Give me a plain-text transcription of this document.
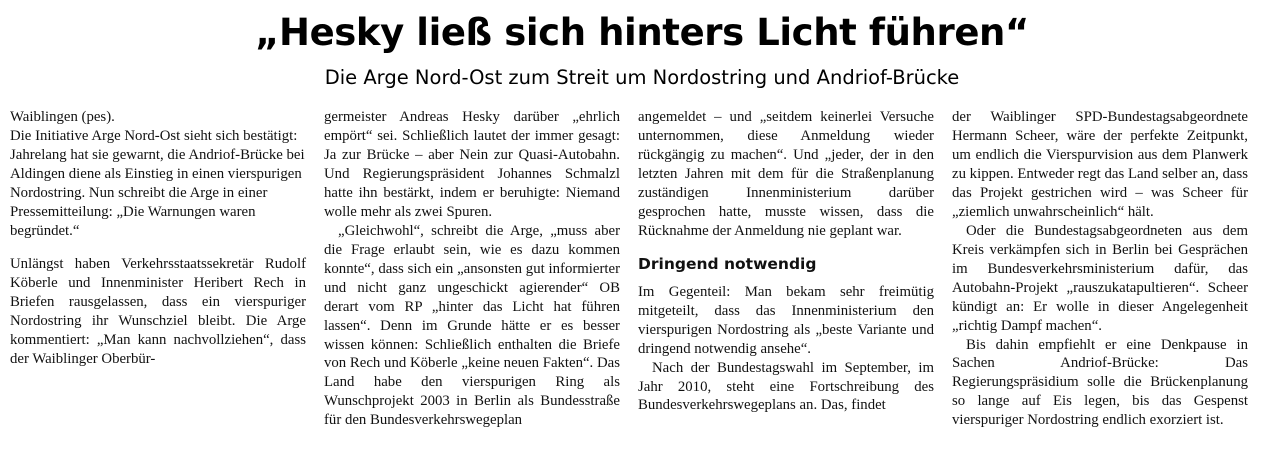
„Hesky ließ sich hinters Licht führen“
Die Arge Nord-Ost zum Streit um Nordostring und Andriof-Brücke

Waiblingen (pes).

Die Initiative Arge Nord-Ost sieht sich bestätigt: Jahrelang hat sie gewarnt, die Andriof-Brücke bei Aldingen diene als Einstieg in einen vierspurigen Nordostring. Nun schreibt die Arge in einer Pressemitteilung: „Die Warnungen waren begründet.“

Unlängst haben Verkehrsstaatssekretär Rudolf Köberle und Innenminister Heribert Rech in Briefen rausgelassen, dass ein vierspuriger Nordostring ihr Wunschziel bleibt. Die Arge kommentiert: „Man kann nachvollziehen“, dass der Waiblinger Oberbür-

germeister Andreas Hesky darüber „ehrlich empört“ sei. Schließlich lautet der immer gesagt: Ja zur Brücke – aber Nein zur Quasi-Autobahn. Und Regierungspräsident Johannes Schmalzl hatte ihn bestärkt, indem er beruhigte: Niemand wolle mehr als zwei Spuren.

„Gleichwohl“, schreibt die Arge, „muss aber die Frage erlaubt sein, wie es dazu kommen konnte“, dass sich ein „ansonsten gut informierter und nicht ganz ungeschickt agierender“ OB derart vom RP „hinter das Licht hat führen lassen“. Denn im Grunde hätte er es besser wissen können: Schließlich enthalten die Briefe von Rech und Köberle „keine neuen Fakten“. Das Land habe den vierspurigen Ring als Wunschprojekt 2003 in Berlin als Bundesstraße für den Bundesverkehrswegeplan

angemeldet – und „seitdem keinerlei Versuche unternommen, diese Anmeldung wieder rückgängig zu machen“. Und „jeder, der in den letzten Jahren mit dem für die Straßenplanung zuständigen Innenministerium darüber gesprochen hatte, musste wissen, dass die Rücknahme der Anmeldung nie geplant war.

Dringend notwendig

Im Gegenteil: Man bekam sehr freimütig mitgeteilt, dass das Innenministerium den vierspurigen Nordostring als „beste Variante und dringend notwendig ansehe“.

Nach der Bundestagswahl im September, im Jahr 2010, steht eine Fortschreibung des Bundesverkehrswegeplans an. Das, findet

der Waiblinger SPD-Bundestagsabgeordnete Hermann Scheer, wäre der perfekte Zeitpunkt, um endlich die Vierspurvision aus dem Planwerk zu kippen. Entweder regt das Land selber an, dass das Projekt gestrichen wird – was Scheer für „ziemlich unwahrscheinlich“ hält.

Oder die Bundestagsabgeordneten aus dem Kreis verkämpfen sich in Berlin bei Gesprächen im Bundesverkehrsministerium dafür, das Autobahn-Projekt „rauszukatapultieren“. Scheer kündigt an: Er wolle in dieser Angelegenheit „richtig Dampf machen“.

Bis dahin empfiehlt er eine Denkpause in Sachen Andriof-Brücke: Das Regierungspräsidium solle die Brückenplanung so lange auf Eis legen, bis das Gespenst vierspuriger Nordostring endlich exorziert ist.
